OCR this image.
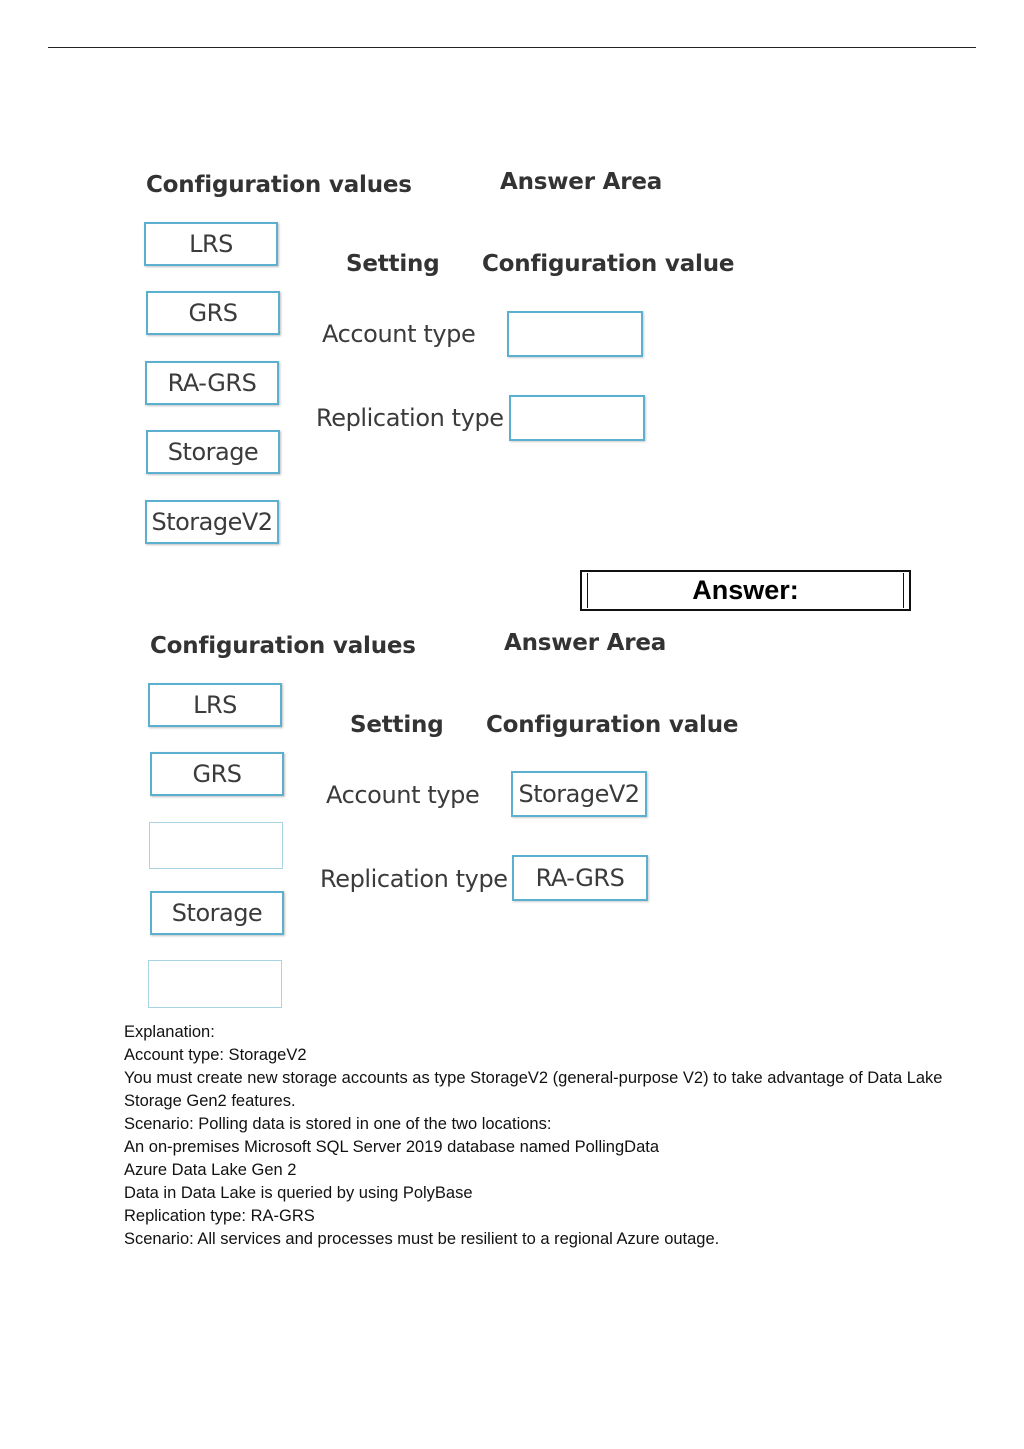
Configuration values	Answer Area
LRS
GRS
RA-GRS
Storage
StorageV2
Setting Configuration value
Account type
Replication type
Answer:
Configuration values	Answer Area
LRS
GRS
Storage
Setting Configuration value
Account type	StorageV2
Replication type	RA-GRS

Explanation:

Account type: StorageV2

You must create new storage accounts as type StorageV2 (general-purpose V2) to take advantage of Data Lake Storage Gen2 features.

Scenario: Polling data is stored in one of the two locations:

An on-premises Microsoft SQL Server 2019 database named PollingData

Azure Data Lake Gen 2

Data in Data Lake is queried by using PolyBase

Replication type: RA-GRS

Scenario: All services and processes must be resilient to a regional Azure outage.
